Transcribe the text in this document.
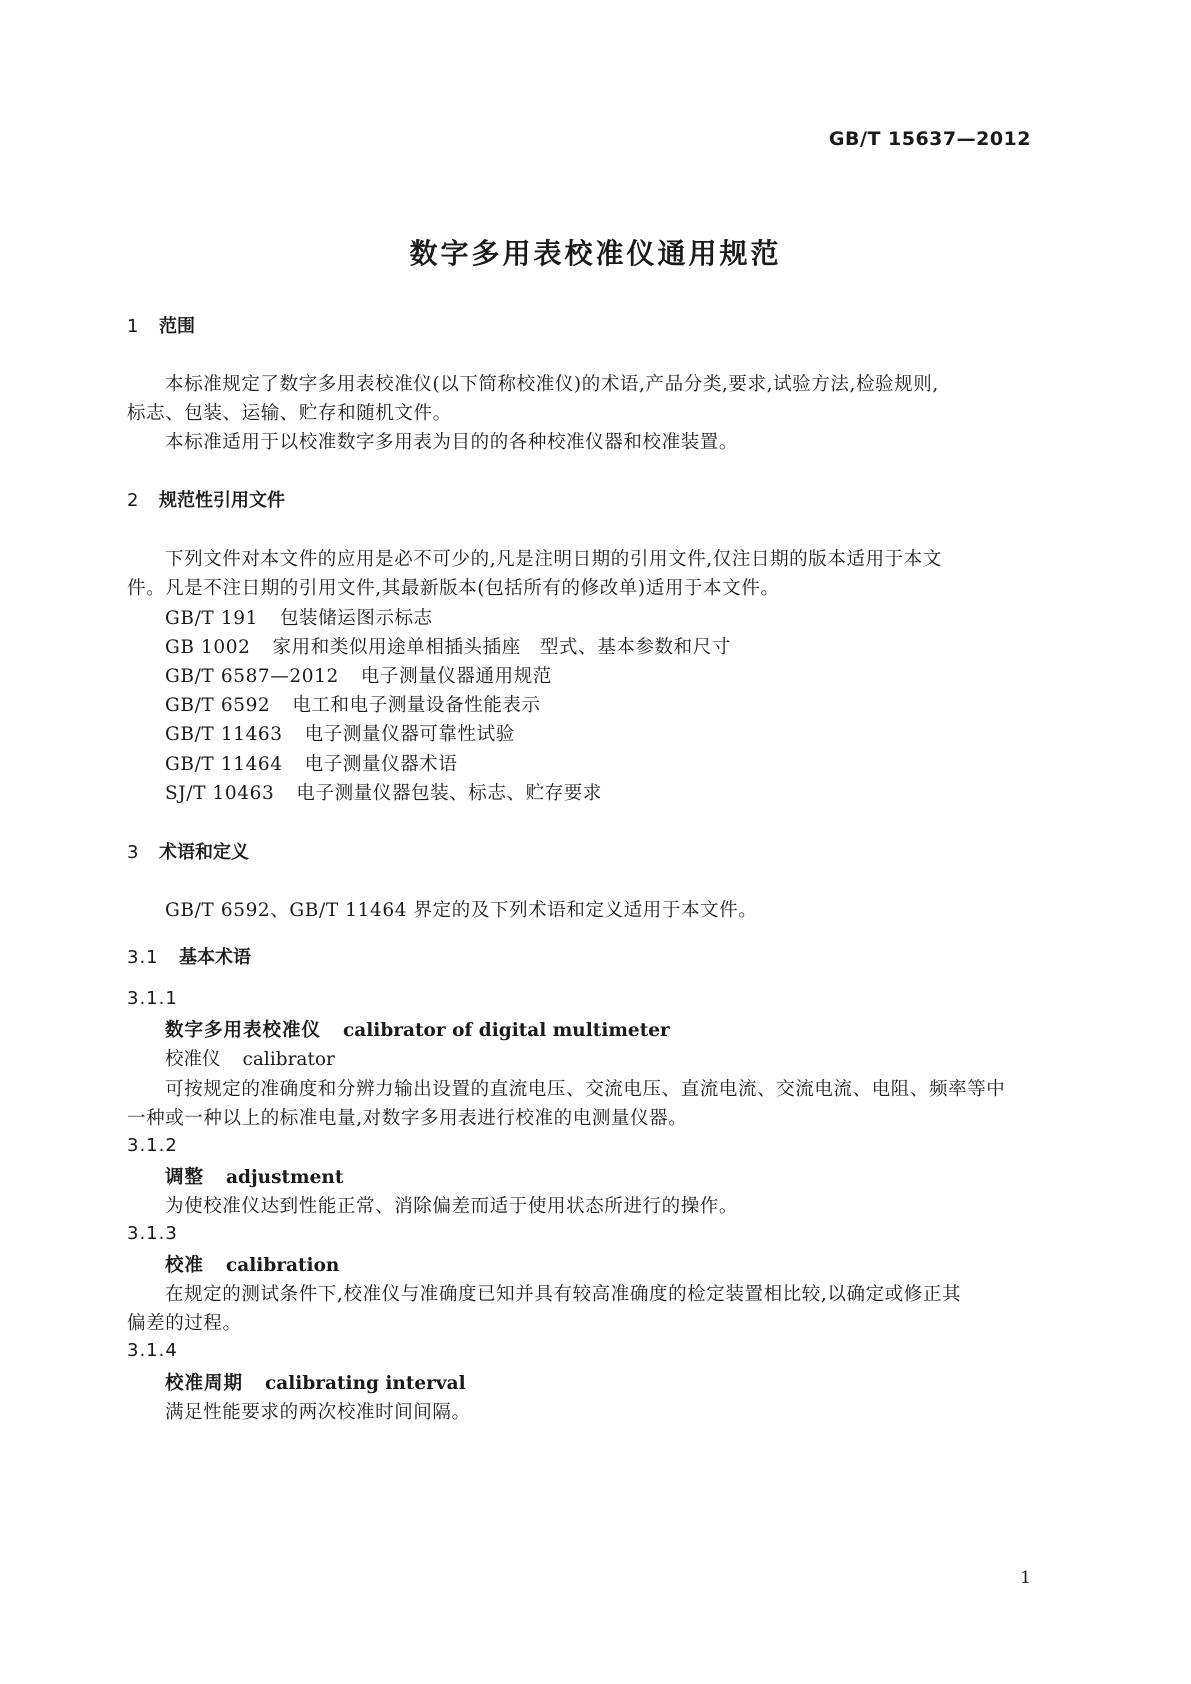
GB/T 15637—2012
数字多用表校准仪通用规范
1 范围
本标准规定了数字多用表校准仪(以下简称校准仪)的术语,产品分类,要求,试验方法,检验规则,
标志、包装、运输、贮存和随机文件。
本标准适用于以校准数字多用表为目的的各种校准仪器和校准装置。
2 规范性引用文件
下列文件对本文件的应用是必不可少的,凡是注明日期的引用文件,仅注日期的版本适用于本文
件。凡是不注日期的引用文件,其最新版本(包括所有的修改单)适用于本文件。
GB/T 191 包装储运图示标志
GB 1002 家用和类似用途单相插头插座　型式、基本参数和尺寸
GB/T 6587—2012 电子测量仪器通用规范
GB/T 6592 电工和电子测量设备性能表示
GB/T 11463 电子测量仪器可靠性试验
GB/T 11464 电子测量仪器术语
SJ/T 10463 电子测量仪器包装、标志、贮存要求
3 术语和定义
GB/T 6592、GB/T 11464 界定的及下列术语和定义适用于本文件。
3.1 基本术语
3.1.1
数字多用表校准仪 calibrator of digital multimeter
校准仪 calibrator
可按规定的准确度和分辨力输出设置的直流电压、交流电压、直流电流、交流电流、电阻、频率等中
一种或一种以上的标准电量,对数字多用表进行校准的电测量仪器。
3.1.2
调整 adjustment
为使校准仪达到性能正常、消除偏差而适于使用状态所进行的操作。
3.1.3
校准 calibration
在规定的测试条件下,校准仪与准确度已知并具有较高准确度的检定装置相比较,以确定或修正其
偏差的过程。
3.1.4
校准周期 calibrating interval
满足性能要求的两次校准时间间隔。
1
